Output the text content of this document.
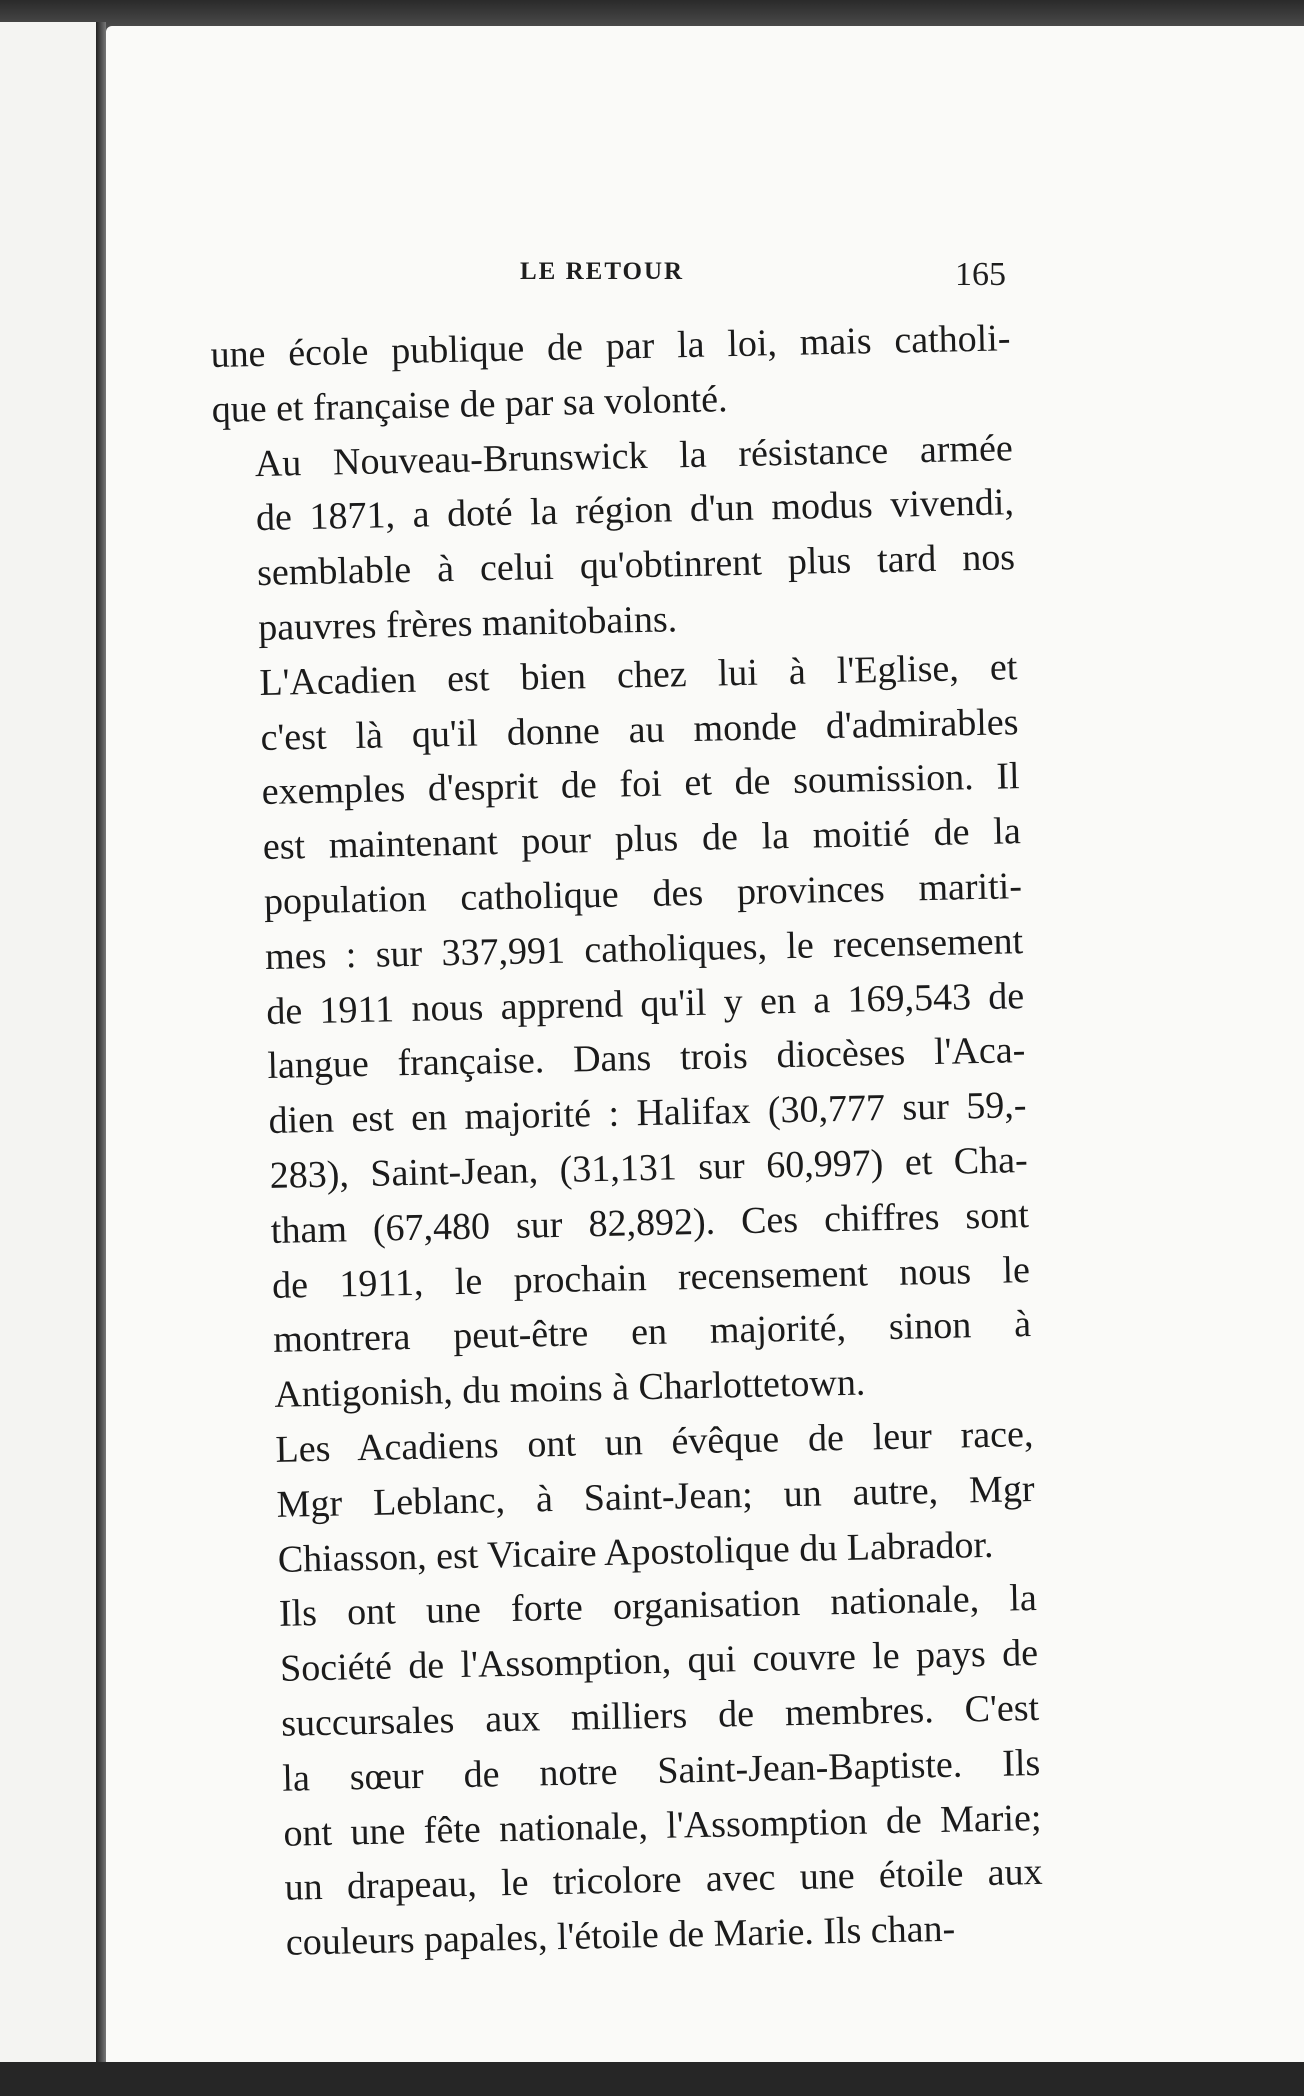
LE RETOUR	165

une école publique de par la loi, mais catholi-
que et française de par sa volonté.

Au Nouveau-Brunswick la résistance armée
de 1871, a doté la région d'un modus vivendi,
semblable à celui qu'obtinrent plus tard nos
pauvres frères manitobains.

L'Acadien est bien chez lui à l'Eglise, et
c'est là qu'il donne au monde d'admirables
exemples d'esprit de foi et de soumission. Il
est maintenant pour plus de la moitié de la
population catholique des provinces mariti-
mes : sur 337,991 catholiques, le recensement
de 1911 nous apprend qu'il y en a 169,543 de
langue française. Dans trois diocèses l'Aca-
dien est en majorité : Halifax (30,777 sur 59,-
283), Saint-Jean, (31,131 sur 60,997) et Cha-
tham (67,480 sur 82,892). Ces chiffres sont
de 1911, le prochain recensement nous le
montrera peut-être en majorité, sinon à
Antigonish, du moins à Charlottetown.

Les Acadiens ont un évêque de leur race,
Mgr Leblanc, à Saint-Jean; un autre, Mgr
Chiasson, est Vicaire Apostolique du Labrador.

Ils ont une forte organisation nationale, la
Société de l'Assomption, qui couvre le pays de
succursales aux milliers de membres. C'est
la sœur de notre Saint-Jean-Baptiste. Ils
ont une fête nationale, l'Assomption de Marie;
un drapeau, le tricolore avec une étoile aux
couleurs papales, l'étoile de Marie. Ils chan-
